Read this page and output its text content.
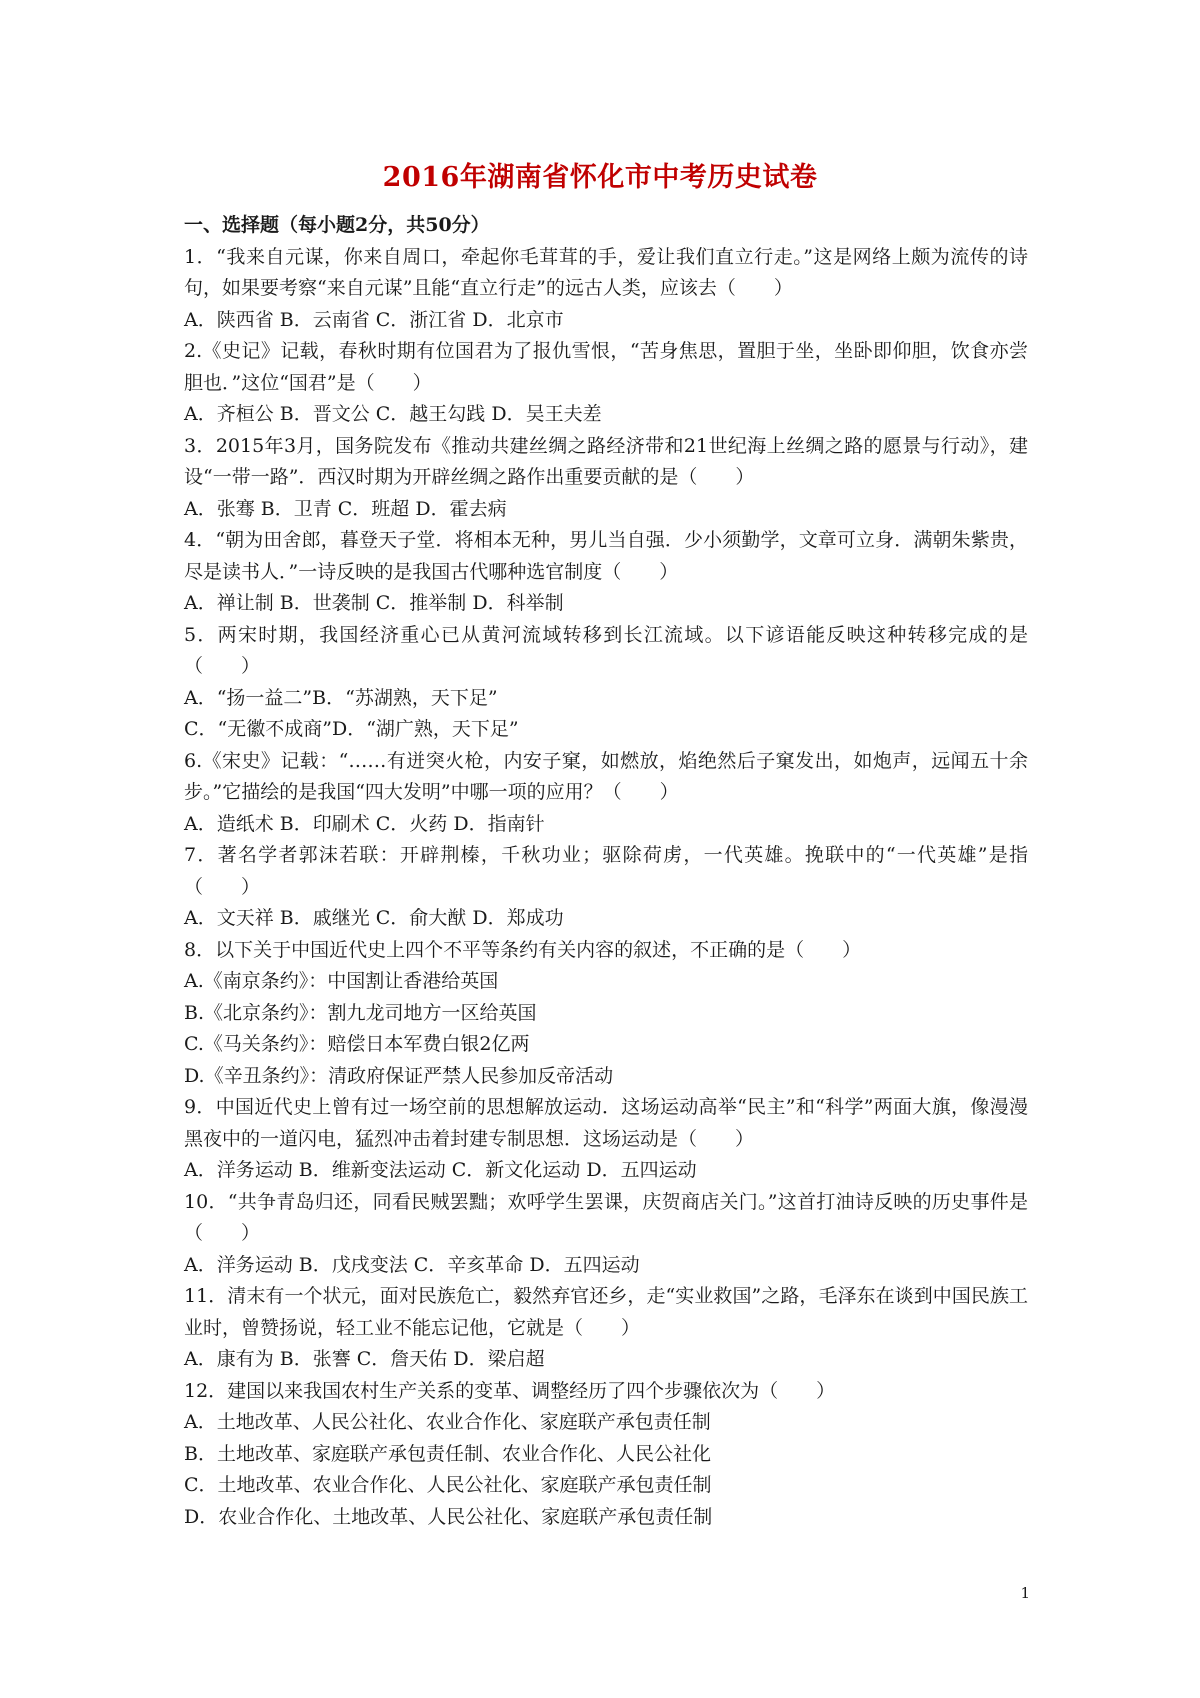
2016年湖南省怀化市中考历史试卷
一、选择题（每小题2分，共50分）
1．“我来自元谋，你来自周口，牵起你毛茸茸的手，爱让我们直立行走。”这是网络上颇为流传的诗句，如果要考察“来自元谋”且能“直立行走”的远古人类，应该去（　　）
A．陕西省 B．云南省 C．浙江省 D．北京市
2.《史记》记载，春秋时期有位国君为了报仇雪恨，“苦身焦思，置胆于坐，坐卧即仰胆，饮食亦尝胆也．”这位“国君”是（　　）
A．齐桓公 B．晋文公 C．越王勾践 D．吴王夫差
3．2015年3月，国务院发布《推动共建丝绸之路经济带和21世纪海上丝绸之路的愿景与行动》，建设“一带一路”．西汉时期为开辟丝绸之路作出重要贡献的是（　　）
A．张骞 B．卫青 C．班超 D．霍去病
4．“朝为田舍郎，暮登天子堂．将相本无种，男儿当自强．少小须勤学，文章可立身．满朝朱紫贵，尽是读书人．”一诗反映的是我国古代哪种选官制度（　　）
A．禅让制 B．世袭制 C．推举制 D．科举制
5．两宋时期，我国经济重心已从黄河流域转移到长江流域。以下谚语能反映这种转移完成的是（　　）
A．“扬一益二”B．“苏湖熟，天下足”
C．“无徽不成商”D．“湖广熟，天下足”
6.《宋史》记载：“……有迸突火枪，内安子窠，如燃放，焰绝然后子窠发出，如炮声，远闻五十余步。”它描绘的是我国“四大发明”中哪一项的应用？（　　）
A．造纸术 B．印刷术 C．火药 D．指南针
7．著名学者郭沫若联：开辟荆榛，千秋功业；驱除荷虏，一代英雄。挽联中的“一代英雄”是指（　　）
A．文天祥 B．戚继光 C．俞大猷 D．郑成功
8．以下关于中国近代史上四个不平等条约有关内容的叙述，不正确的是（　　）
A.《南京条约》：中国割让香港给英国
B.《北京条约》：割九龙司地方一区给英国
C.《马关条约》：赔偿日本军费白银2亿两
D.《辛丑条约》：清政府保证严禁人民参加反帝活动
9．中国近代史上曾有过一场空前的思想解放运动．这场运动高举“民主”和“科学”两面大旗，像漫漫黑夜中的一道闪电，猛烈冲击着封建专制思想．这场运动是（　　）
A．洋务运动 B．维新变法运动 C．新文化运动 D．五四运动
10．“共争青岛归还，同看民贼罢黜；欢呼学生罢课，庆贺商店关门。”这首打油诗反映的历史事件是（　　）
A．洋务运动 B．戊戌变法 C．辛亥革命 D．五四运动
11．清末有一个状元，面对民族危亡，毅然弃官还乡，走“实业救国”之路，毛泽东在谈到中国民族工业时，曾赞扬说，轻工业不能忘记他，它就是（　　）
A．康有为 B．张謇 C．詹天佑 D．梁启超
12．建国以来我国农村生产关系的变革、调整经历了四个步骤依次为（　　）
A．土地改革、人民公社化、农业合作化、家庭联产承包责任制
B．土地改革、家庭联产承包责任制、农业合作化、人民公社化
C．土地改革、农业合作化、人民公社化、家庭联产承包责任制
D．农业合作化、土地改革、人民公社化、家庭联产承包责任制
1
